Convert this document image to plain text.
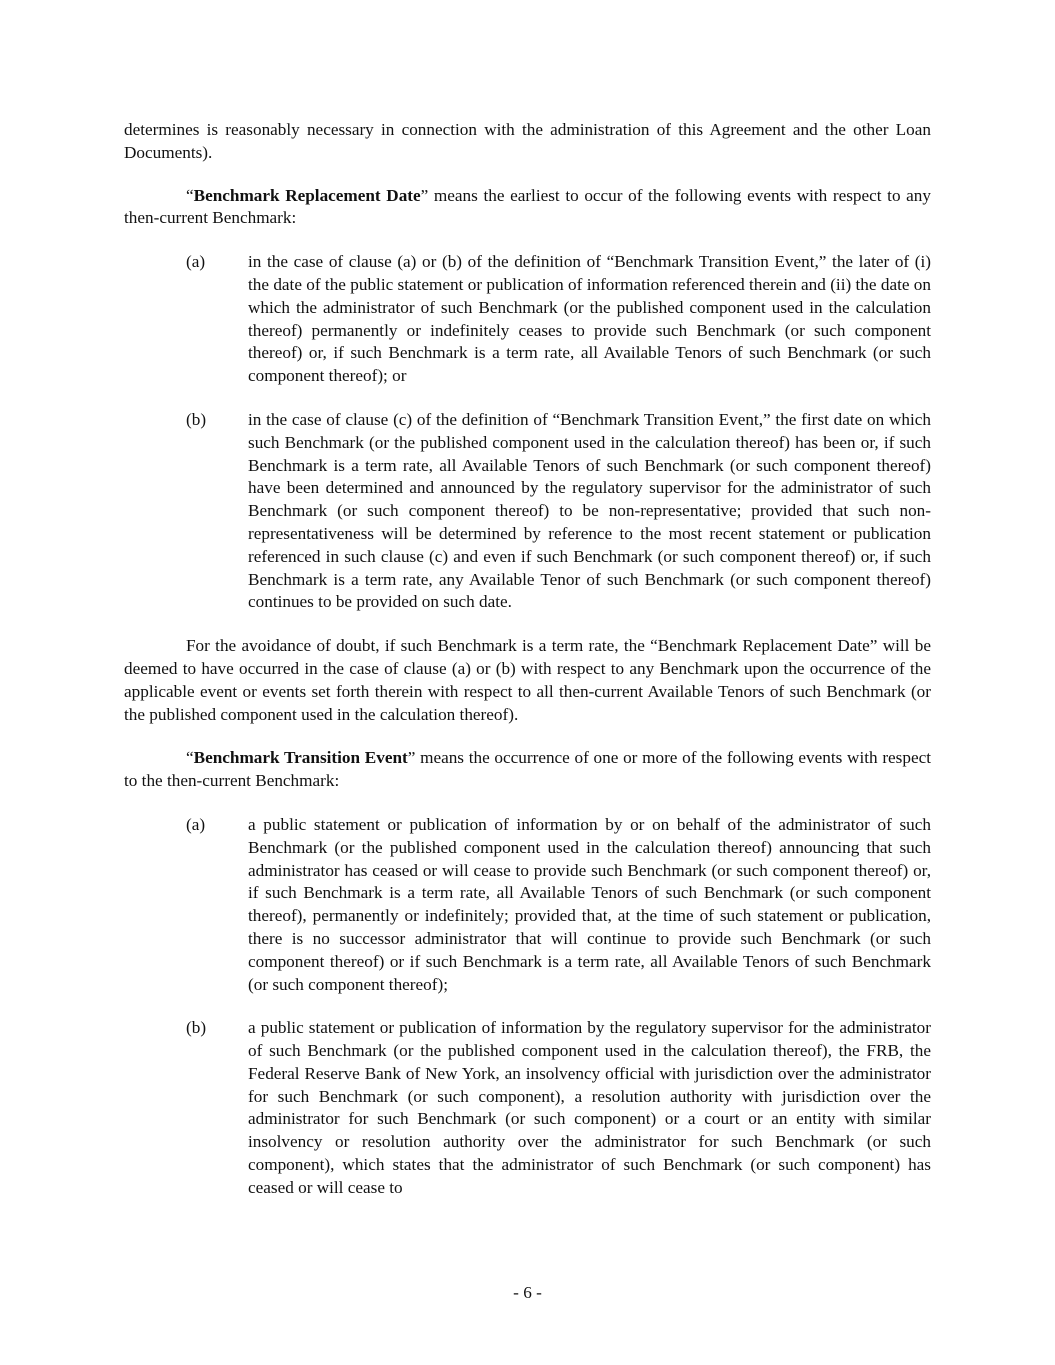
determines is reasonably necessary in connection with the administration of this Agreement and the other Loan Documents).

“Benchmark Replacement Date” means the earliest to occur of the following events with respect to any then-current Benchmark:

(a) in the case of clause (a) or (b) of the definition of “Benchmark Transition Event,” the later of (i) the date of the public statement or publication of information referenced therein and (ii) the date on which the administrator of such Benchmark (or the published component used in the calculation thereof) permanently or indefinitely ceases to provide such Benchmark (or such component thereof) or, if such Benchmark is a term rate, all Available Tenors of such Benchmark (or such component thereof); or
(b) in the case of clause (c) of the definition of “Benchmark Transition Event,” the first date on which such Benchmark (or the published component used in the calculation thereof) has been or, if such Benchmark is a term rate, all Available Tenors of such Benchmark (or such component thereof) have been determined and announced by the regulatory supervisor for the administrator of such Benchmark (or such component thereof) to be non-representative; provided that such non-representativeness will be determined by reference to the most recent statement or publication referenced in such clause (c) and even if such Benchmark (or such component thereof) or, if such Benchmark is a term rate, any Available Tenor of such Benchmark (or such component thereof) continues to be provided on such date.

For the avoidance of doubt, if such Benchmark is a term rate, the “Benchmark Replacement Date” will be deemed to have occurred in the case of clause (a) or (b) with respect to any Benchmark upon the occurrence of the applicable event or events set forth therein with respect to all then-current Available Tenors of such Benchmark (or the published component used in the calculation thereof).

“Benchmark Transition Event” means the occurrence of one or more of the following events with respect to the then-current Benchmark:

(a) a public statement or publication of information by or on behalf of the administrator of such Benchmark (or the published component used in the calculation thereof) announcing that such administrator has ceased or will cease to provide such Benchmark (or such component thereof) or, if such Benchmark is a term rate, all Available Tenors of such Benchmark (or such component thereof), permanently or indefinitely; provided that, at the time of such statement or publication, there is no successor administrator that will continue to provide such Benchmark (or such component thereof) or if such Benchmark is a term rate, all Available Tenors of such Benchmark (or such component thereof);
(b) a public statement or publication of information by the regulatory supervisor for the administrator of such Benchmark (or the published component used in the calculation thereof), the FRB, the Federal Reserve Bank of New York, an insolvency official with jurisdiction over the administrator for such Benchmark (or such component), a resolution authority with jurisdiction over the administrator for such Benchmark (or such component) or a court or an entity with similar insolvency or resolution authority over the administrator for such Benchmark (or such component), which states that the administrator of such Benchmark (or such component) has ceased or will cease to
- 6 -
